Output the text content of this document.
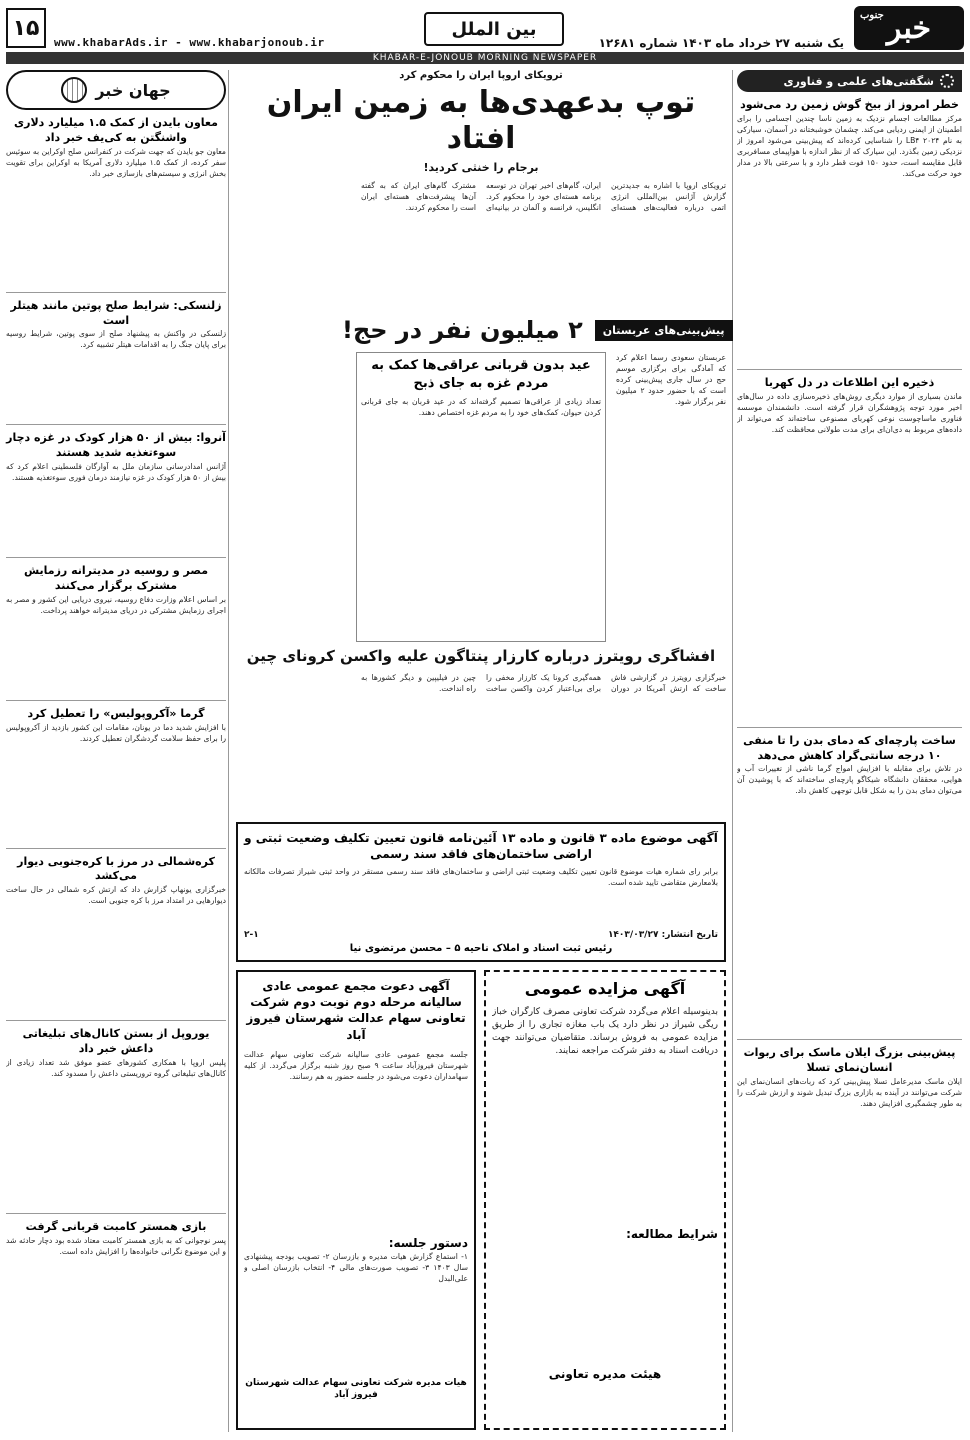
۱۵
www.khabarAds.ir - www.khabarjonoub.ir
بین الملل
جنوب خبر
یک شنبه ۲۷ خرداد ماه ۱۴۰۳ شماره ۱۲۶۸۱
KHABAR-E-JONOUB MORNING NEWSPAPER
شگفتی‌های علمی و فناوری
خطر امروز از بیخ گوش زمین رد می‌شود
مرکز مطالعات اجسام نزدیک به زمین ناسا چندین اجسامی را برای اطمینان از ایمنی ردیابی می‌کند. چشمان خوشبختانه در آسمان، سیارکی به نام ۲۰۲۴ LB۴ را شناسایی کرده‌اند که پیش‌بینی می‌شود امروز از نزدیکی زمین بگذرد. این سیارک که از نظر اندازه با هواپیمای مسافربری قابل مقایسه است، حدود ۱۵۰ فوت قطر دارد و با سرعتی بالا در مدار خود حرکت می‌کند.
ذخیره این اطلاعات در دل کهربا
ماندن بسیاری از موارد دیگری روش‌های ذخیره‌سازی داده در سال‌های اخیر مورد توجه پژوهشگران قرار گرفته است. دانشمندان موسسه فناوری ماساچوست نوعی کهربای مصنوعی ساخته‌اند که می‌تواند از داده‌های مربوط به دی‌ان‌ای برای مدت طولانی محافظت کند.
ساخت پارچه‌ای که دمای بدن را تا منفی ۱۰ درجه سانتی‌گراد کاهش می‌دهد
در تلاش برای مقابله با افزایش امواج گرما ناشی از تغییرات آب و هوایی، محققان دانشگاه شیکاگو پارچه‌ای ساخته‌اند که با پوشیدن آن می‌توان دمای بدن را به شکل قابل توجهی کاهش داد.
پیش‌بینی بزرگ ایلان ماسک برای ربوات انسان‌نمای تسلا
ایلان ماسک مدیرعامل تسلا پیش‌بینی کرد که ربات‌های انسان‌نمای این شرکت می‌توانند در آینده به بازاری بزرگ تبدیل شوند و ارزش شرکت را به طور چشمگیری افزایش دهند.
ترویکای اروپا ایران را محکوم کرد
توپ بدعهدی‌ها به زمین ایران افتاد
برجام را خنثی کردید!
ترویکای اروپا با اشاره به جدیدترین گزارش آژانس بین‌المللی انرژی اتمی درباره فعالیت‌های هسته‌ای ایران، گام‌های اخیر تهران در توسعه برنامه هسته‌ای خود را محکوم کرد. انگلیس، فرانسه و آلمان در بیانیه‌ای مشترک گام‌های ایران که به گفته آن‌ها پیشرفت‌های هسته‌ای ایران است را محکوم کردند.
پیش‌بینی‌های عربستان
۲ میلیون نفر در حج!
عربستان سعودی رسما اعلام کرد که آمادگی برای برگزاری موسم حج در سال جاری پیش‌بینی کرده است که با حضور حدود ۲ میلیون نفر برگزار شود.
عید بدون قربانی عراقی‌ها کمک به مردم غزه به جای ذبح
تعداد زیادی از عراقی‌ها تصمیم گرفته‌اند که در عید قربان به جای قربانی کردن حیوان، کمک‌های خود را به مردم غزه اختصاص دهند.
افشاگری رویترز درباره کارزار پنتاگون علیه واکسن کرونای چین
خبرگزاری رویترز در گزارشی فاش ساخت که ارتش آمریکا در دوران همه‌گیری کرونا یک کارزار مخفی را برای بی‌اعتبار کردن واکسن ساخت چین در فیلیپین و دیگر کشورها به راه انداخت.
آگهی موضوع ماده ۳ قانون و ماده ۱۳ آئین‌نامه قانون تعیین تکلیف وضعیت ثبتی و اراضی ساختمان‌های فاقد سند رسمی
برابر رای شماره هیات موضوع قانون تعیین تکلیف وضعیت ثبتی اراضی و ساختمان‌های فاقد سند رسمی مستقر در واحد ثبتی شیراز تصرفات مالکانه بلامعارض متقاضی تایید شده است.
تاریخ انتشار: ۱۴۰۳/۰۳/۲۷
۲-۱
رئیس ثبت اسناد و املاک ناحیه ۵ – محسن مرتضوی نیا
آگهی دعوت مجمع عمومی عادی سالیانه مرحله دوم نوبت دوم شرکت تعاونی سهام عدالت شهرستان فیروز آباد
جلسه مجمع عمومی عادی سالیانه شرکت تعاونی سهام عدالت شهرستان فیروزآباد ساعت ۹ صبح روز شنبه برگزار می‌گردد. از کلیه سهامداران دعوت می‌شود در جلسه حضور به هم رسانند.
دستور جلسه:
۱- استماع گزارش هیات مدیره و بازرسان ۲- تصویب بودجه پیشنهادی سال ۱۴۰۳ ۳- تصویب صورت‌های مالی ۴- انتخاب بازرسان اصلی و علی‌البدل
هیات مدیره شرکت تعاونی سهام عدالت شهرستان فیروز آباد
آگهی مزایده عمومی
بدینوسیله اعلام می‌گردد شرکت تعاونی مصرف کارگران خباز ریگی شیراز در نظر دارد یک باب مغازه تجاری را از طریق مزایده عمومی به فروش برساند. متقاضیان می‌توانند جهت دریافت اسناد به دفتر شرکت مراجعه نمایند.
شرایط مطالعه:
هیئت مدیره تعاونی
جهان خبر
معاون بایدن از کمک ۱.۵ میلیارد دلاری واشنگتن به کی‌یف خبر داد
معاون جو بایدن که جهت شرکت در کنفرانس صلح اوکراین به سوئیس سفر کرده، از کمک ۱.۵ میلیارد دلاری آمریکا به اوکراین برای تقویت بخش انرژی و سیستم‌های بازسازی خبر داد.
زلنسکی: شرایط صلح پوتین مانند هیتلر است
زلنسکی در واکنش به پیشنهاد صلح از سوی پوتین، شرایط روسیه برای پایان جنگ را به اقدامات هیتلر تشبیه کرد.
آنروا: بیش از ۵۰ هزار کودک در غزه دچار سوءتغذیه شدید هستند
آژانس امدادرسانی سازمان ملل به آوارگان فلسطینی اعلام کرد که بیش از ۵۰ هزار کودک در غزه نیازمند درمان فوری سوءتغذیه هستند.
مصر و روسیه در مدیترانه رزمایش مشترک برگزار می‌کنند
بر اساس اعلام وزارت دفاع روسیه، نیروی دریایی این کشور و مصر به اجرای رزمایش مشترکی در دریای مدیترانه خواهند پرداخت.
گرما «آکروپولیس» را تعطیل کرد
با افزایش شدید دما در یونان، مقامات این کشور بازدید از آکروپولیس را برای حفظ سلامت گردشگران تعطیل کردند.
کره‌شمالی در مرز با کره‌جنوبی دیوار می‌کشد
خبرگزاری یونهاپ گزارش داد که ارتش کره شمالی در حال ساخت دیوارهایی در امتداد مرز با کره جنوبی است.
یوروپل از بستن کانال‌های تبلیغاتی داعش خبر داد
پلیس اروپا با همکاری کشورهای عضو موفق شد تعداد زیادی از کانال‌های تبلیغاتی گروه تروریستی داعش را مسدود کند.
بازی همستر کامبت قربانی گرفت
پسر نوجوانی که به بازی همستر کامبت معتاد شده بود دچار حادثه شد و این موضوع نگرانی خانواده‌ها را افزایش داده است.
